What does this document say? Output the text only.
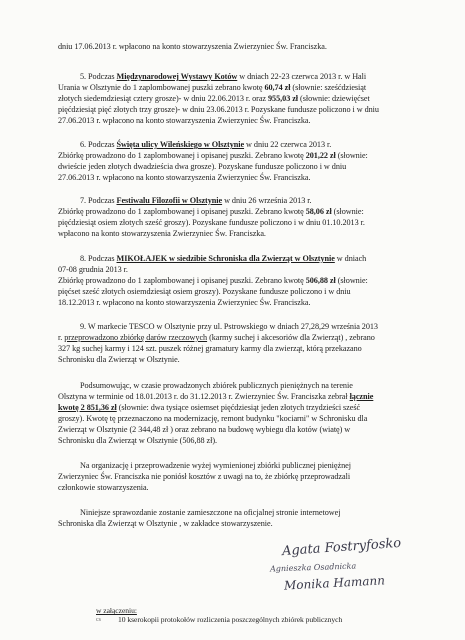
dniu 17.06.2013 r. wpłacono na konto stowarzyszenia Zwierzyniec Św. Franciszka.
5. Podczas Międzynarodowej Wystawy Kotów w dniach 22-23 czerwca 2013 r. w Hali
Urania w Olsztynie do 1 zaplombowanej puszki zebrano kwotę 60,74 zł (słownie: sześćdziesiąt
złotych siedemdziesiąt cztery grosze)- w dniu 22.06.2013 r. oraz 955,03 zł (słownie: dziewięćset
pięćdziesiąt pięć złotych trzy grosze)- w dniu 23.06.2013 r. Pozyskane fundusze policzono i w dniu
27.06.2013 r. wpłacono na konto stowarzyszenia Zwierzyniec Św. Franciszka.
6. Podczas Święta ulicy Wileńskiego w Olsztynie w dniu 22 czerwca 2013 r.
Zbiórkę prowadzono do 1 zaplombowanej i opisanej puszki. Zebrano kwotę 201,22 zł (słownie:
dwieście jeden złotych dwadzieścia dwa grosze). Pozyskane fundusze policzono i w dniu
27.06.2013 r. wpłacono na konto stowarzyszenia Zwierzyniec Św. Franciszka.
7. Podczas Festiwalu Filozofii w Olsztynie w dniu 26 września 2013 r.
Zbiórkę prowadzono do 1 zaplombowanej i opisanej puszki. Zebrano kwotę 58,06 zł (słownie:
pięćdziesiąt osiem złotych sześć groszy). Pozyskane fundusze policzono i w dniu 01.10.2013 r.
wpłacono na konto stowarzyszenia Zwierzyniec Św. Franciszka.
8. Podczas MIKOŁAJEK w siedzibie Schroniska dla Zwierząt w Olsztynie w dniach
07-08 grudnia 2013 r.
Zbiórkę prowadzono do 1 zaplombowanej i opisanej puszki. Zebrano kwotę 506,88 zł (słownie:
pięćset sześć złotych osiemdziesiąt osiem groszy). Pozyskane fundusze policzono i w dniu
18.12.2013 r. wpłacono na konto stowarzyszenia Zwierzyniec Św. Franciszka.
9. W markecie TESCO w Olsztynie przy ul. Pstrowskiego w dniach 27,28,29 września 2013
r. przeprowadzono zbiórkę darów rzeczowych (karmy suchej i akcesoriów dla Zwierząt) , zebrano
327 kg suchej karmy i 124 szt. puszek różnej gramatury karmy dla zwierząt, którą przekazano
Schronisku dla Zwierząt w Olsztynie.
Podsumowując, w czasie prowadzonych zbiórek publicznych pieniężnych na terenie
Olsztyna w terminie od 18.01.2013 r. do 31.12.2013 r. Zwierzyniec Św. Franciszka zebrał łącznie
kwotę 2 851,36 zł (słownie: dwa tysiące osiemset pięćdziesiąt jeden złotych trzydzieści sześć
groszy). Kwotę tę przeznaczono na modernizację, remont budynku "kociarni" w Schronisku dla
Zwierząt w Olsztynie (2 344,48 zł ) oraz zebrano na budowę wybiegu dla kotów (wiatę) w
Schronisku dla Zwierząt w Olsztynie (506,88 zł).
Na organizację i przeprowadzenie wyżej wymienionej zbiórki publicznej pieniężnej
Zwierzyniec Św. Franciszka nie poniósł kosztów z uwagi na to, że zbiórkę przeprowadzali
członkowie stowarzyszenia.
Niniejsze sprawozdanie zostanie zamieszczone na oficjalnej stronie internetowej
Schroniska dla Zwierząt w Olsztynie , w zakładce stowarzyszenie.
Agata Fostryfosko
Agnieszka Osadnicka
Monika Hamann
w załączeniu:
cs 10 kserokopii protokołów rozliczenia poszczególnych zbiórek publicznych
